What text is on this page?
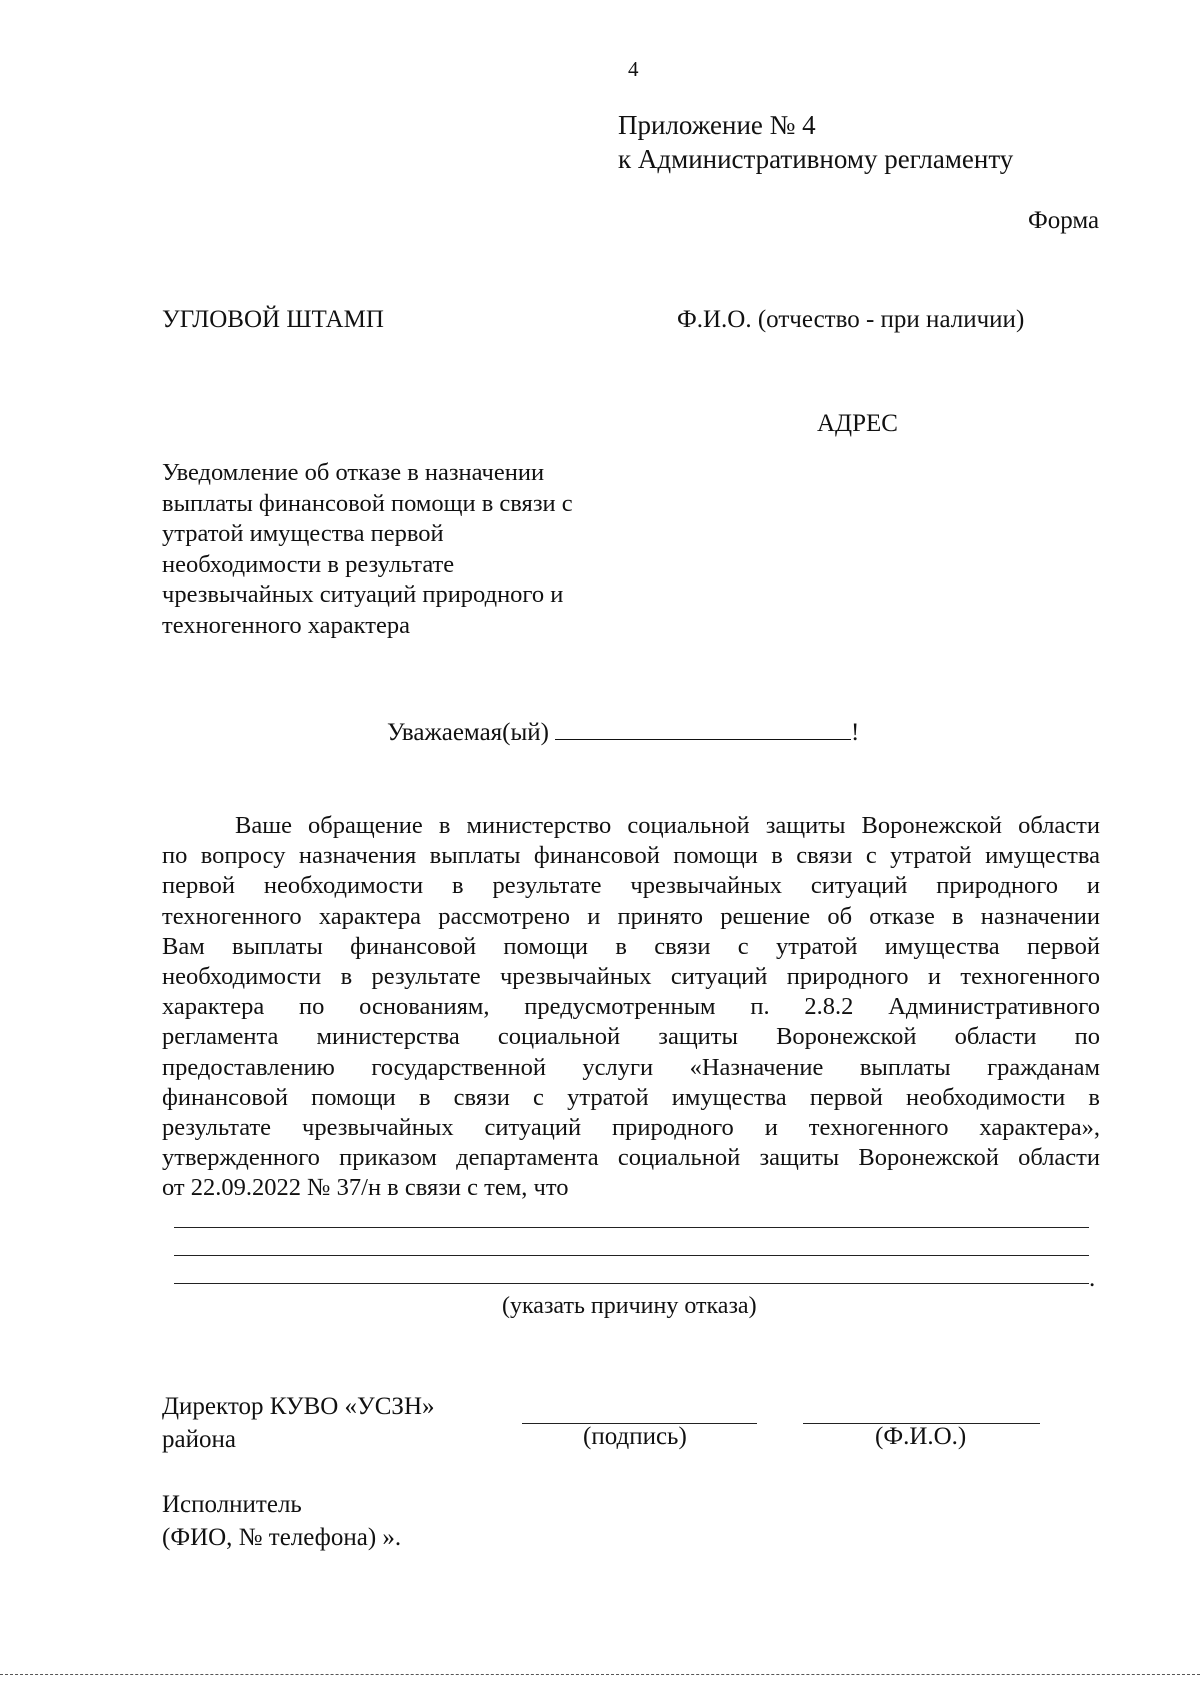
4
Приложение № 4
к Административному регламенту
Форма
УГЛОВОЙ ШТАМП	Ф.И.О. (отчество - при наличии)
АДРЕС
Уведомление об отказе в назначении
выплаты финансовой помощи в связи с
утратой имущества первой
необходимости в результате
чрезвычайных ситуаций природного и
техногенного характера
Уважаемая(ый)	!
Ваше обращение в министерство социальной защиты Воронежской области
по вопросу назначения выплаты финансовой помощи в связи с утратой имущества
первой необходимости в результате чрезвычайных ситуаций природного и
техногенного характера рассмотрено и принято решение об отказе в назначении
Вам выплаты финансовой помощи в связи с утратой имущества первой
необходимости в результате чрезвычайных ситуаций природного и техногенного
характера по основаниям, предусмотренным п. 2.8.2 Административного
регламента министерства социальной защиты Воронежской области по
предоставлению государственной услуги «Назначение выплаты гражданам
финансовой помощи в связи с утратой имущества первой необходимости в
результате чрезвычайных ситуаций природного и техногенного характера»,
утвержденного приказом департамента социальной защиты Воронежской области
от 22.09.2022 № 37/н в связи с тем, что
.
(указать причину отказа)
Директор КУВО «УСЗН»
района	(подпись)	(Ф.И.О.)
Исполнитель
(ФИО, № телефона) ».
